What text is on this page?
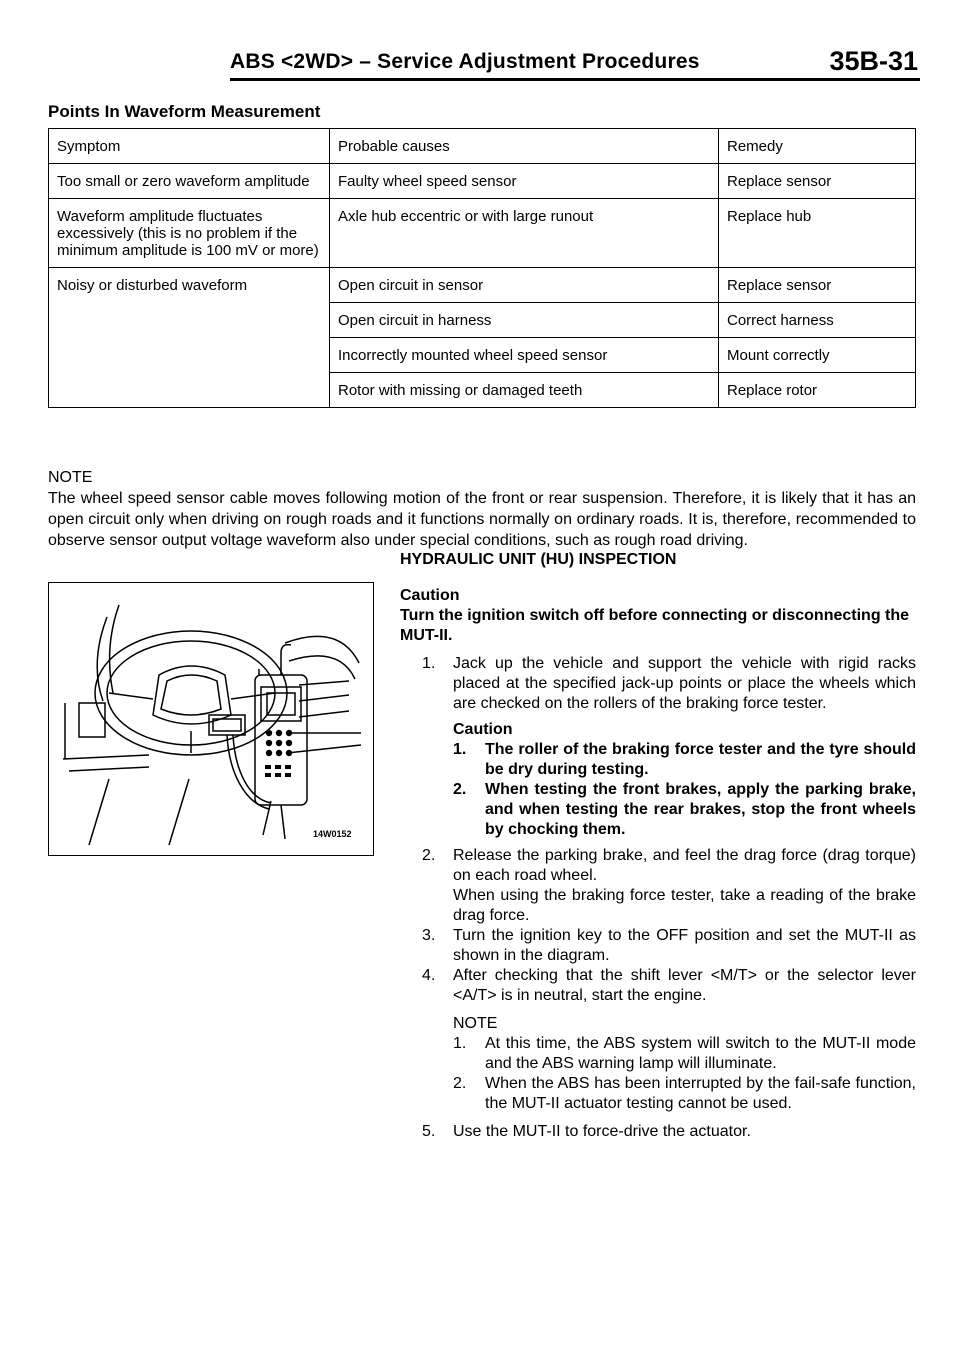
ABS <2WD> – Service Adjustment Procedures	35B-31
Points In Waveform Measurement
Symptom	Probable causes	Remedy
Too small or zero waveform amplitude	Faulty wheel speed sensor	Replace sensor
Waveform amplitude fluctuates excessively (this is no problem if the minimum amplitude is 100 mV or more)	Axle hub eccentric or with large runout	Replace hub
Noisy or disturbed waveform	Open circuit in sensor	Replace sensor
	Open circuit in harness	Correct harness
	Incorrectly mounted wheel speed sensor	Mount correctly
	Rotor with missing or damaged teeth	Replace rotor
NOTE
The wheel speed sensor cable moves following motion of the front or rear suspension. Therefore, it is likely that it has an open circuit only when driving on rough roads and it functions normally on ordinary roads. It is, therefore, recommended to observe sensor output voltage waveform also under special conditions, such as rough road driving.
14W0152
HYDRAULIC UNIT (HU) INSPECTION
Caution
Turn the ignition switch off before connecting or disconnecting the MUT-II.
1. Jack up the vehicle and support the vehicle with rigid racks placed at the specified jack-up points or place the wheels which are checked on the rollers of the braking force tester.
Caution
1. The roller of the braking force tester and the tyre should be dry during testing.
2. When testing the front brakes, apply the parking brake, and when testing the rear brakes, stop the front wheels by chocking them.
2. Release the parking brake, and feel the drag force (drag torque) on each road wheel.
When using the braking force tester, take a reading of the brake drag force.
3. Turn the ignition key to the OFF position and set the MUT-II as shown in the diagram.
4. After checking that the shift lever <M/T> or the selector lever <A/T> is in neutral, start the engine.
NOTE
1. At this time, the ABS system will switch to the MUT-II mode and the ABS warning lamp will illuminate.
2. When the ABS has been interrupted by the fail-safe function, the MUT-II actuator testing cannot be used.
5. Use the MUT-II to force-drive the actuator.
